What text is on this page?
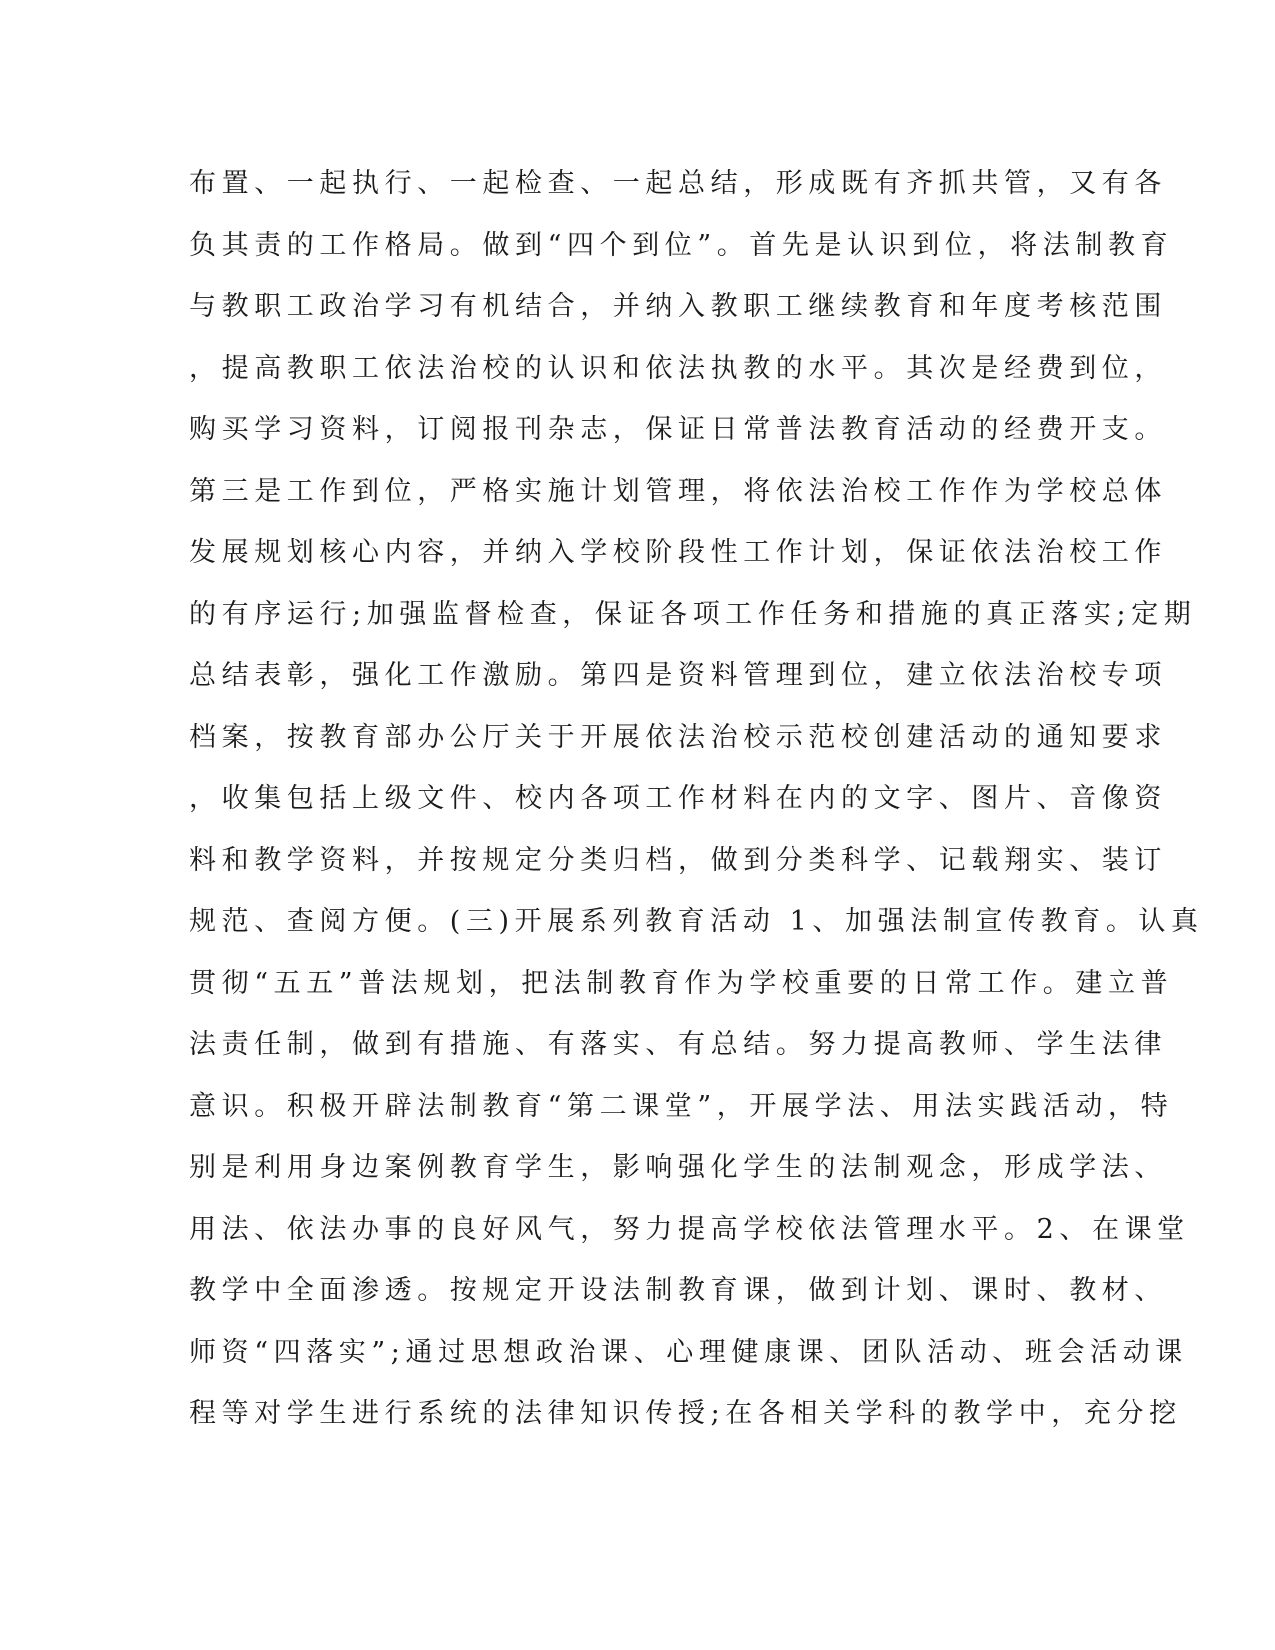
布置、一起执行、一起检查、一起总结，形成既有齐抓共管，又有各
负其责的工作格局。做到“四个到位”。首先是认识到位，将法制教育
与教职工政治学习有机结合，并纳入教职工继续教育和年度考核范围
，提高教职工依法治校的认识和依法执教的水平。其次是经费到位，
购买学习资料，订阅报刊杂志，保证日常普法教育活动的经费开支。
第三是工作到位，严格实施计划管理，将依法治校工作作为学校总体
发展规划核心内容，并纳入学校阶段性工作计划，保证依法治校工作
的有序运行;加强监督检查，保证各项工作任务和措施的真正落实;定期
总结表彰，强化工作激励。第四是资料管理到位，建立依法治校专项
档案，按教育部办公厅关于开展依法治校示范校创建活动的通知要求
，收集包括上级文件、校内各项工作材料在内的文字、图片、音像资
料和教学资料，并按规定分类归档，做到分类科学、记载翔实、装订
规范、查阅方便。(三)开展系列教育活动 1、加强法制宣传教育。认真
贯彻“五五”普法规划，把法制教育作为学校重要的日常工作。建立普
法责任制，做到有措施、有落实、有总结。努力提高教师、学生法律
意识。积极开辟法制教育“第二课堂”，开展学法、用法实践活动，特
别是利用身边案例教育学生，影响强化学生的法制观念，形成学法、
用法、依法办事的良好风气，努力提高学校依法管理水平。2、在课堂
教学中全面渗透。按规定开设法制教育课，做到计划、课时、教材、
师资“四落实”;通过思想政治课、心理健康课、团队活动、班会活动课
程等对学生进行系统的法律知识传授;在各相关学科的教学中，充分挖
